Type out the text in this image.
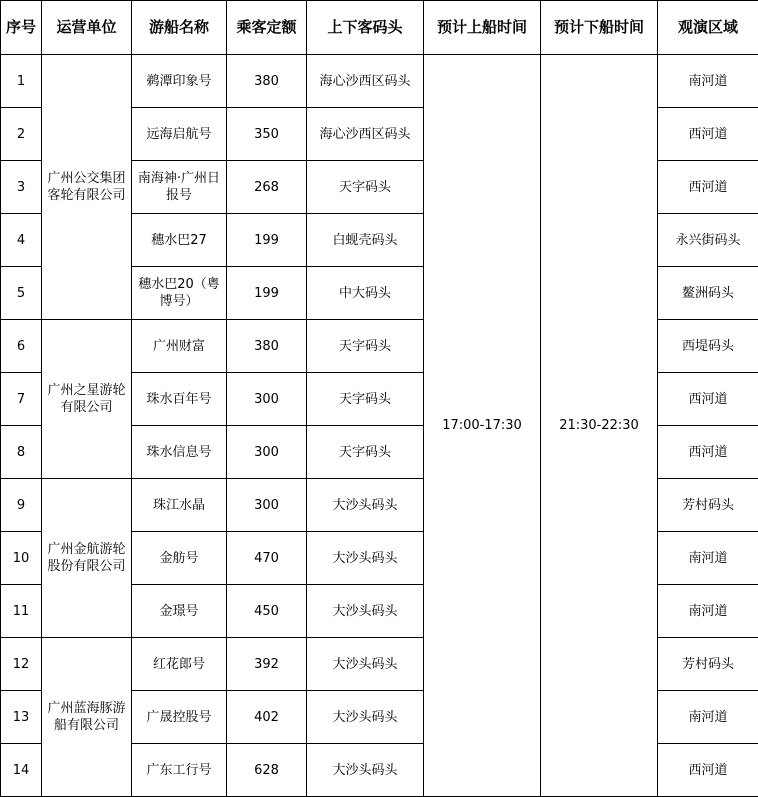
序号	运营单位	游船名称	乘客定额	上下客码头	预计上船时间	预计下船时间	观演区域
1	广州公交集团客轮有限公司	鹈潭印象号	380	海心沙西区码头	17:00-17:30	21:30-22:30	南河道
2		远海启航号	350	海心沙西区码头			西河道
3		南海神·广州日报号	268	天字码头			西河道
4		穗水巴27	199	白蚬壳码头			永兴街码头
5		穗水巴20（粤博号）	199	中大码头			鳌洲码头
6	广州之星游轮有限公司	广州财富	380	天字码头			西堤码头
7		珠水百年号	300	天字码头			西河道
8		珠水信息号	300	天字码头			西河道
9	广州金航游轮股份有限公司	珠江水晶	300	大沙头码头			芳村码头
10		金舫号	470	大沙头码头			南河道
11		金璟号	450	大沙头码头			南河道
12	广州蓝海豚游船有限公司	红花郎号	392	大沙头码头			芳村码头
13		广晟控股号	402	大沙头码头			南河道
14		广东工行号	628	大沙头码头			西河道
